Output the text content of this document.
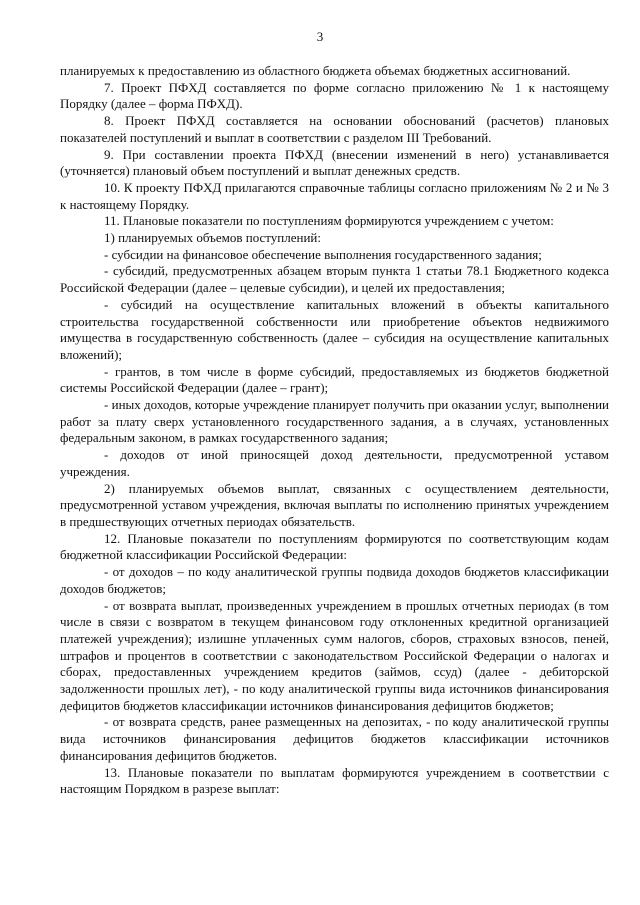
3

планируемых к предоставлению из областного бюджета объемах бюджетных ассигнований.

7. Проект ПФХД составляется по форме согласно приложению № 1 к настоящему Порядку (далее – форма ПФХД).

8. Проект ПФХД составляется на основании обоснований (расчетов) плановых показателей поступлений и выплат в соответствии с разделом III Требований.

9. При составлении проекта ПФХД (внесении изменений в него) устанавливается (уточняется) плановый объем поступлений и выплат денежных средств.

10. К проекту ПФХД прилагаются справочные таблицы согласно приложениям № 2 и № 3 к настоящему Порядку.

11. Плановые показатели по поступлениям формируются учреждением с учетом:

1) планируемых объемов поступлений:

- субсидии на финансовое обеспечение выполнения государственного задания;

- субсидий, предусмотренных абзацем вторым пункта 1 статьи 78.1 Бюджетного кодекса Российской Федерации (далее – целевые субсидии), и целей их предоставления;

- субсидий на осуществление капитальных вложений в объекты капитального строительства государственной собственности или приобретение объектов недвижимого имущества в государственную собственность (далее – субсидия на осуществление капитальных вложений);

- грантов, в том числе в форме субсидий, предоставляемых из бюджетов бюджетной системы Российской Федерации (далее – грант);

- иных доходов, которые учреждение планирует получить при оказании услуг, выполнении работ за плату сверх установленного государственного задания, а в случаях, установленных федеральным законом, в рамках государственного задания;

- доходов от иной приносящей доход деятельности, предусмотренной уставом учреждения.

2) планируемых объемов выплат, связанных с осуществлением деятельности, предусмотренной уставом учреждения, включая выплаты по исполнению принятых учреждением в предшествующих отчетных периодах обязательств.

12. Плановые показатели по поступлениям формируются по соответствующим кодам бюджетной классификации Российской Федерации:

- от доходов – по коду аналитической группы подвида доходов бюджетов классификации доходов бюджетов;

- от возврата выплат, произведенных учреждением в прошлых отчетных периодах (в том числе в связи с возвратом в текущем финансовом году отклоненных кредитной организацией платежей учреждения); излишне уплаченных сумм налогов, сборов, страховых взносов, пеней, штрафов и процентов в соответствии с законодательством Российской Федерации о налогах и сборах, предоставленных учреждением кредитов (займов, ссуд) (далее - дебиторской задолженности прошлых лет), - по коду аналитической группы вида источников финансирования дефицитов бюджетов классификации источников финансирования дефицитов бюджетов;

- от возврата средств, ранее размещенных на депозитах, - по коду аналитической группы вида источников финансирования дефицитов бюджетов классификации источников финансирования дефицитов бюджетов.

13. Плановые показатели по выплатам формируются учреждением в соответствии с настоящим Порядком в разрезе выплат:
